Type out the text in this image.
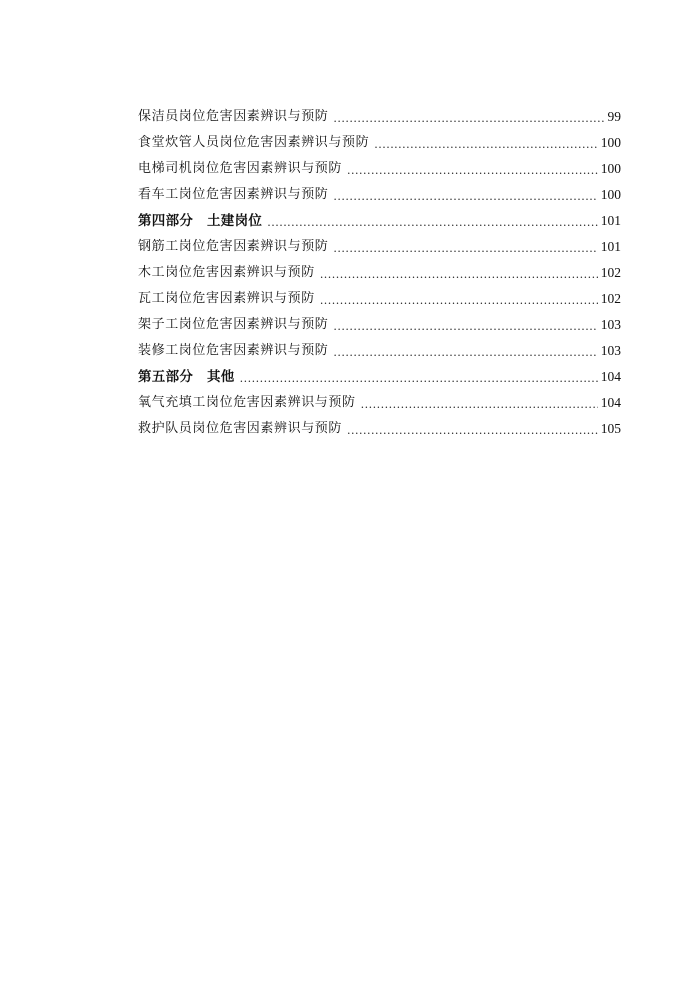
保洁员岗位危害因素辨识与预防 .....	99
食堂炊管人员岗位危害因素辨识与预防 .....	100
电梯司机岗位危害因素辨识与预防 .....	100
看车工岗位危害因素辨识与预防 .....	100
第四部分　土建岗位 .....	101
钢筋工岗位危害因素辨识与预防 .....	101
木工岗位危害因素辨识与预防 .....	102
瓦工岗位危害因素辨识与预防 .....	102
架子工岗位危害因素辨识与预防 .....	103
装修工岗位危害因素辨识与预防 .....	103
第五部分　其他 .....	104
氧气充填工岗位危害因素辨识与预防 .....	104
救护队员岗位危害因素辨识与预防 .....	105
